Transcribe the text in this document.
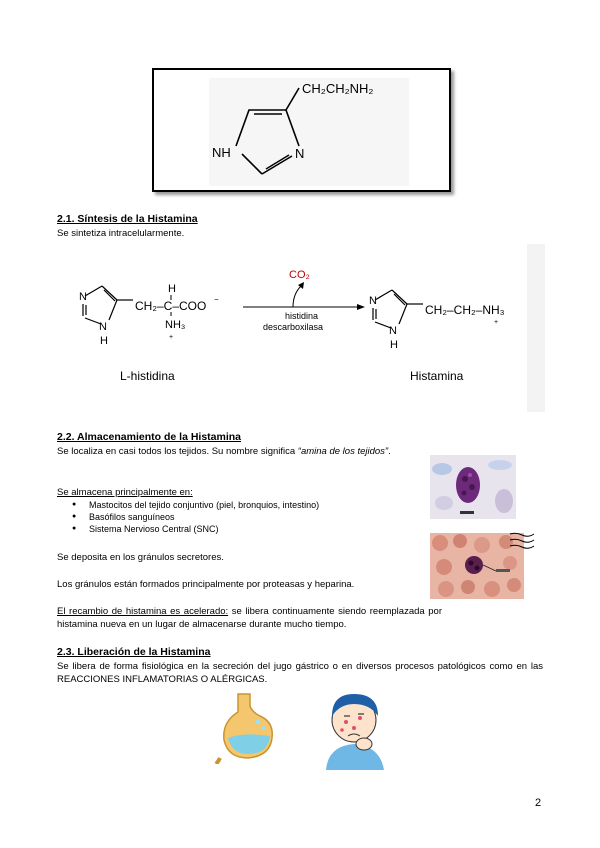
CH₂CH₂NH₂
NH	N
2.1. Síntesis de la Histamina
Se sintetiza intracelularmente.
N
N
H
CH₂–C–COO
H
NH₃
+
−
CO₂
histidina
descarboxilasa
N
N
H
CH₂–CH₂–NH₃
+
L-histidina	Histamina
2.2. Almacenamiento de la Histamina
Se localiza en casi todos los tejidos. Su nombre significa “amina de los tejidos”.
Se almacena principalmente en:
● Mastocitos del tejido conjuntivo (piel, bronquios, intestino)
● Basófilos sanguíneos
● Sistema Nervioso Central (SNC)
Se deposita en los gránulos secretores.
Los gránulos están formados principalmente por proteasas y heparina.
El recambio de histamina es acelerado: se libera continuamente siendo reemplazada por histamina nueva en un lugar de almacenarse durante mucho tiempo.
2.3. Liberación de la Histamina
Se libera de forma fisiológica en la secreción del jugo gástrico o en diversos procesos patológicos como en las REACCIONES INFLAMATORIAS O ALÉRGICAS.
2
